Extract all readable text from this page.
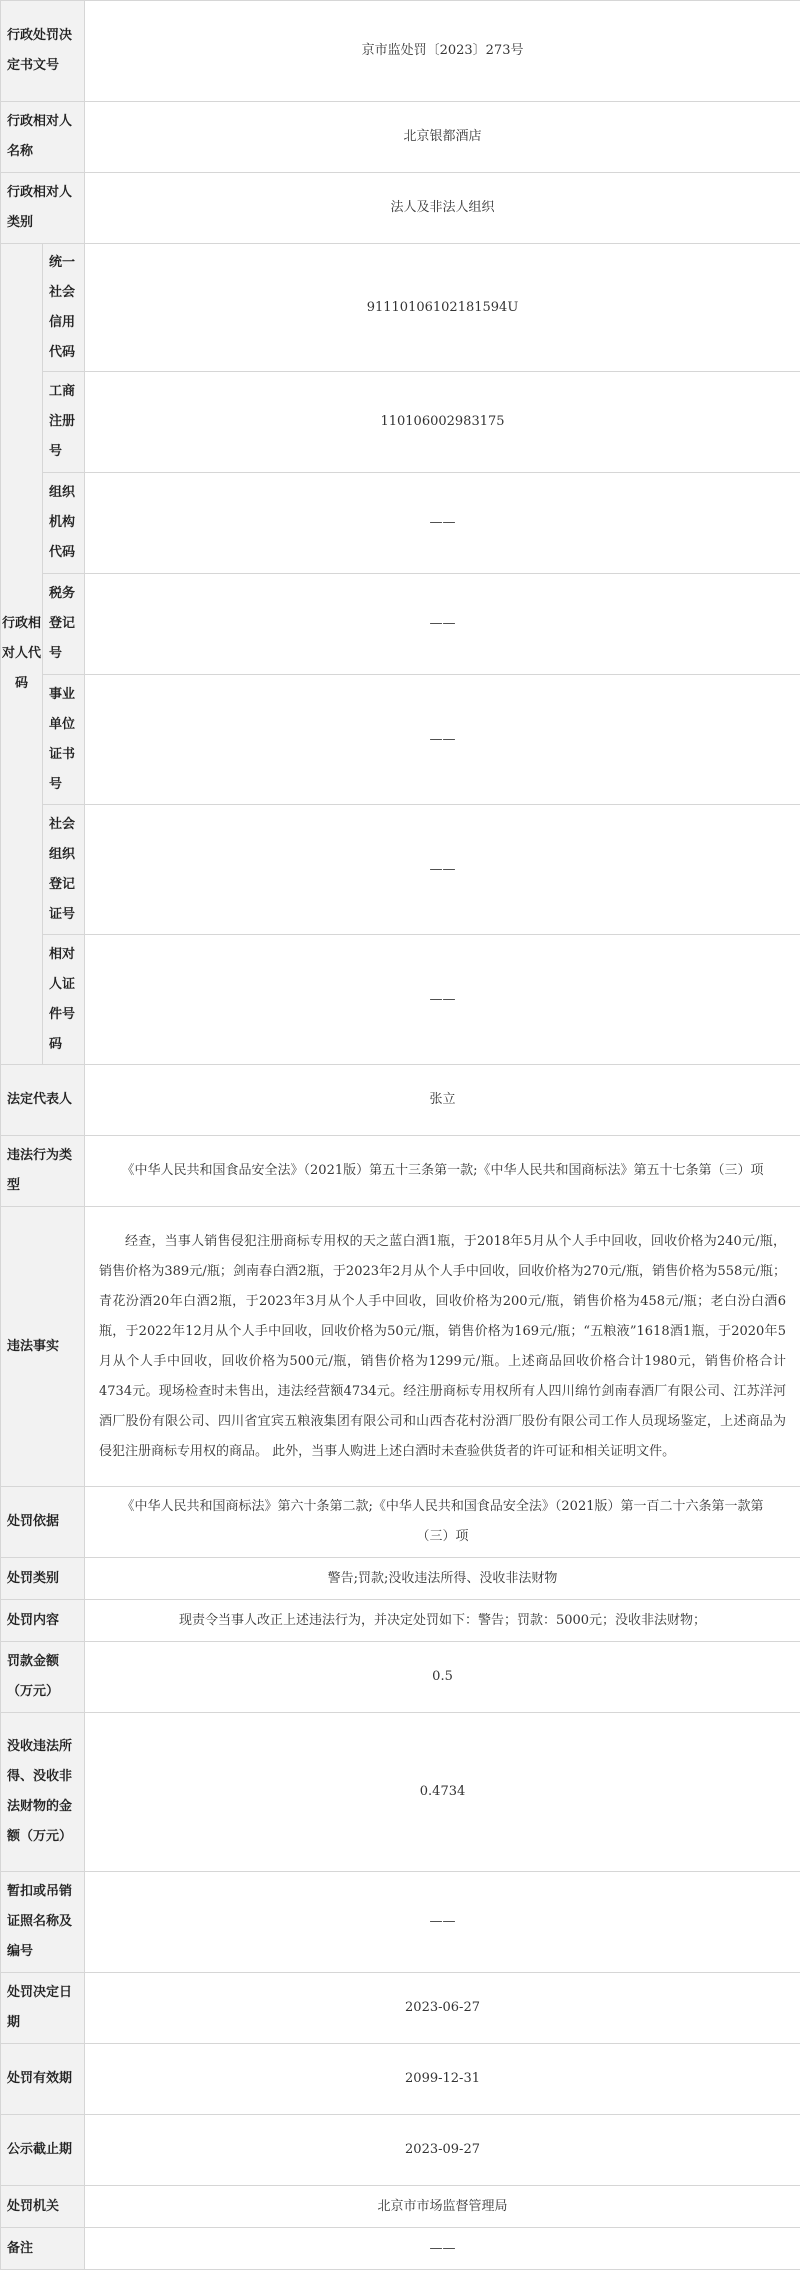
行政处罚决定书文号		京市监处罚〔2023〕273号
行政相对人名称		北京银都酒店
行政相对人类别		法人及非法人组织
行政相对人代码	统一社会信用代码	91110106102181594U
	工商注册号	110106002983175
	组织机构代码	——
	税务登记号	——
	事业单位证书号	——
	社会组织登记证号	——
	相对人证件号码	——
法定代表人		张立
违法行为类型		《中华人民共和国食品安全法》（2021版）第五十三条第一款;《中华人民共和国商标法》第五十七条第（三）项
违法事实		经查，当事人销售侵犯注册商标专用权的天之蓝白酒1瓶，于2018年5月从个人手中回收，回收价格为240元/瓶，销售价格为389元/瓶；剑南春白酒2瓶，于2023年2月从个人手中回收，回收价格为270元/瓶，销售价格为558元/瓶；青花汾酒20年白酒2瓶，于2023年3月从个人手中回收，回收价格为200元/瓶，销售价格为458元/瓶；老白汾白酒6瓶，于2022年12月从个人手中回收，回收价格为50元/瓶，销售价格为169元/瓶；“五粮液”1618酒1瓶，于2020年5月从个人手中回收，回收价格为500元/瓶，销售价格为1299元/瓶。上述商品回收价格合计1980元，销售价格合计4734元。现场检查时未售出，违法经营额4734元。经注册商标专用权所有人四川绵竹剑南春酒厂有限公司、江苏洋河酒厂股份有限公司、四川省宜宾五粮液集团有限公司和山西杏花村汾酒厂股份有限公司工作人员现场鉴定，上述商品为侵犯注册商标专用权的商品。 此外，当事人购进上述白酒时未查验供货者的许可证和相关证明文件。
处罚依据		《中华人民共和国商标法》第六十条第二款;《中华人民共和国食品安全法》（2021版）第一百二十六条第一款第（三）项
处罚类别		警告;罚款;没收违法所得、没收非法财物
处罚内容		现责令当事人改正上述违法行为，并决定处罚如下：警告；罚款：5000元；没收非法财物；
罚款金额（万元）		0.5
没收违法所得、没收非法财物的金额（万元）		0.4734
暂扣或吊销证照名称及编号		——
处罚决定日期		2023-06-27
处罚有效期		2099-12-31
公示截止期		2023-09-27
处罚机关		北京市市场监督管理局
备注		——
